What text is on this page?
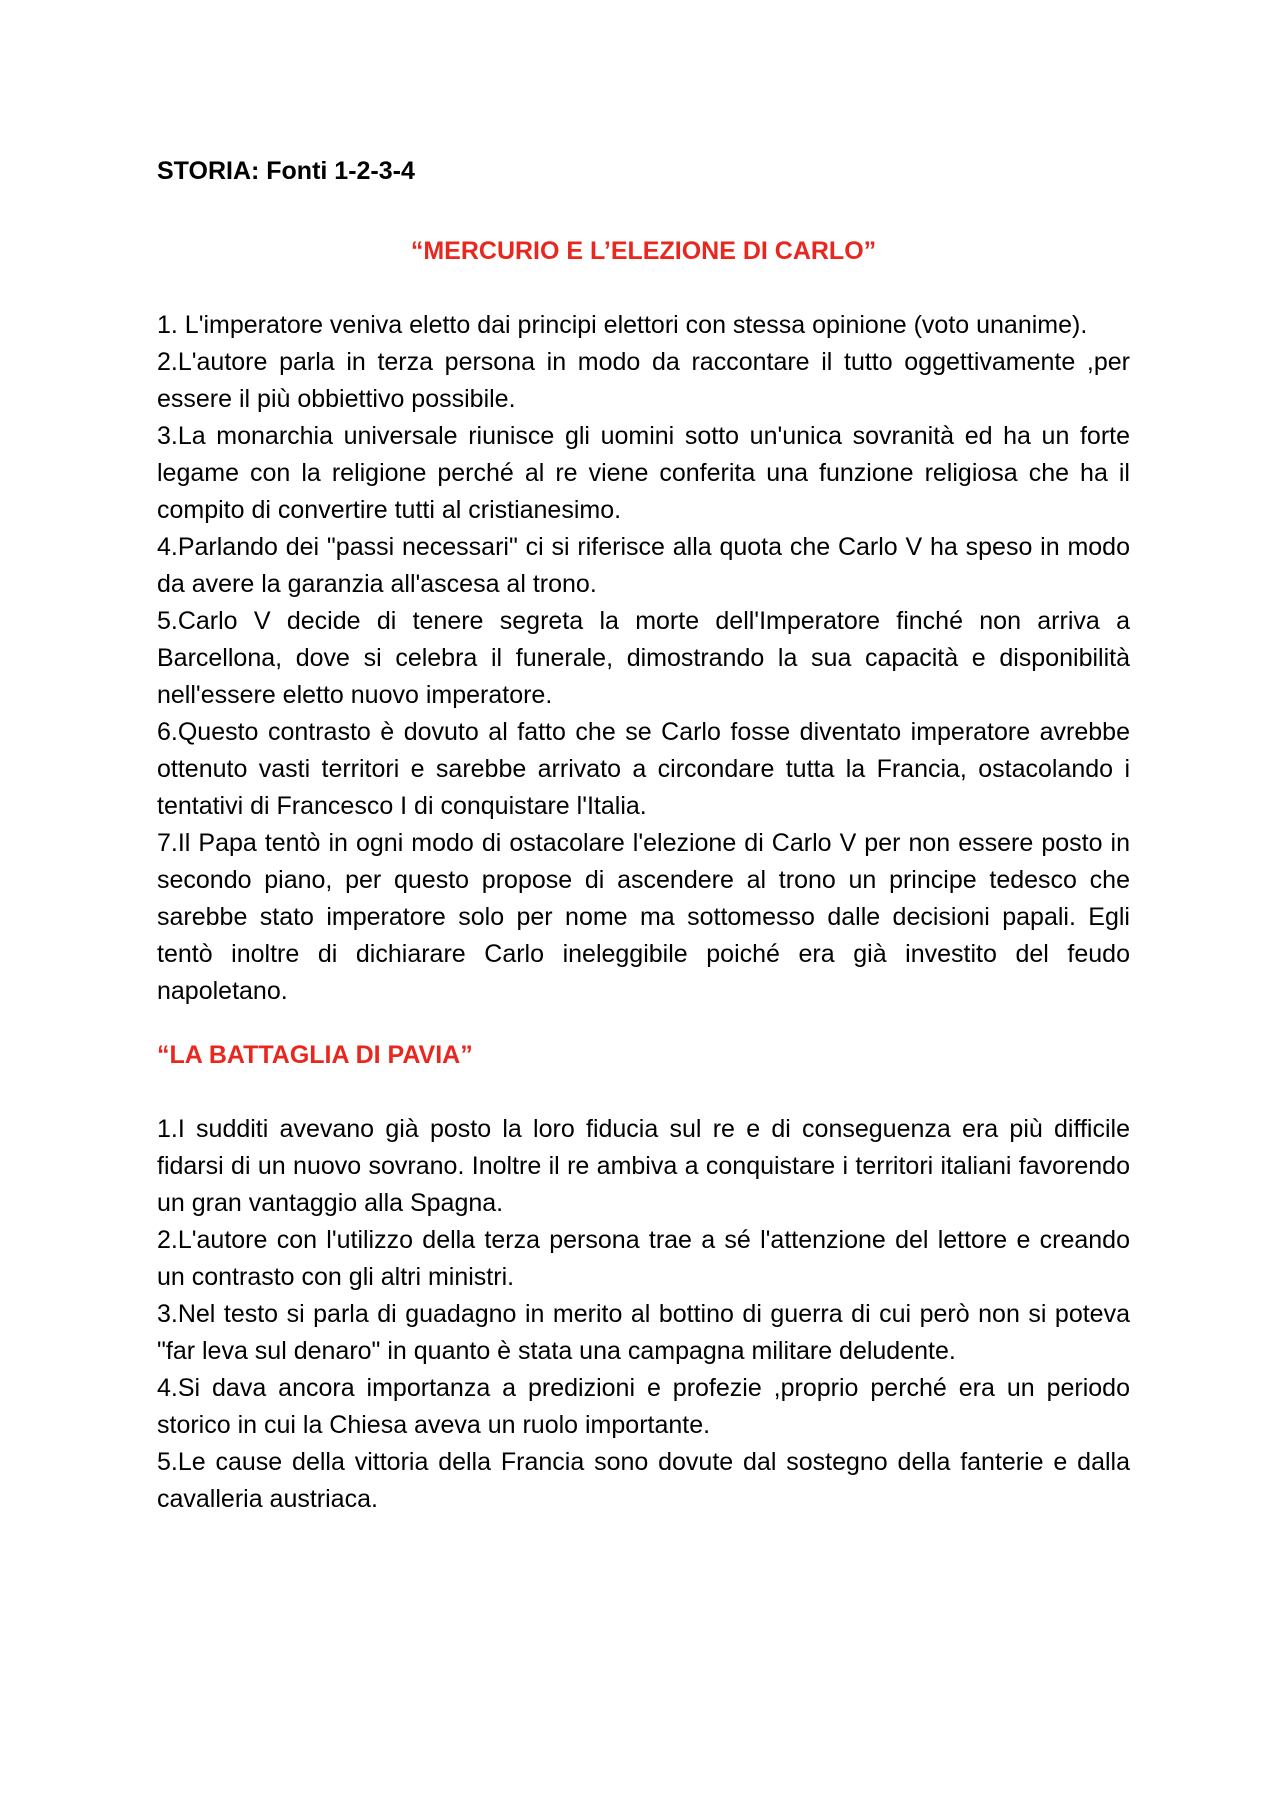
STORIA: Fonti 1-2-3-4
“MERCURIO E L’ELEZIONE DI CARLO”
1. L'imperatore veniva eletto dai principi elettori con stessa opinione (voto unanime).
2.L'autore parla in terza persona in modo da raccontare il tutto oggettivamente ,per essere il più obbiettivo possibile.
3.La monarchia universale riunisce gli uomini sotto un'unica sovranità ed ha un forte legame con la religione perché al re viene conferita una funzione religiosa che ha il compito di convertire tutti al cristianesimo.
4.Parlando dei "passi necessari" ci si riferisce alla quota che Carlo V ha speso in modo da avere la garanzia all'ascesa al trono.
5.Carlo V decide di tenere segreta la morte dell'Imperatore finché non arriva a Barcellona, dove si celebra il funerale, dimostrando la sua capacità e disponibilità nell'essere eletto nuovo imperatore.
6.Questo contrasto è dovuto al fatto che se Carlo fosse diventato imperatore avrebbe ottenuto vasti territori e sarebbe arrivato a circondare tutta la Francia, ostacolando i tentativi di Francesco I di conquistare l'Italia.
7.Il Papa tentò in ogni modo di ostacolare l'elezione di Carlo V per non essere posto in secondo piano, per questo propose di ascendere al trono un principe tedesco che sarebbe stato imperatore solo per nome ma sottomesso dalle decisioni papali. Egli tentò inoltre di dichiarare Carlo ineleggibile poiché era già investito del feudo napoletano.
“LA BATTAGLIA DI PAVIA”
1.I sudditi avevano già posto la loro fiducia sul re e di conseguenza era più difficile fidarsi di un nuovo sovrano. Inoltre il re ambiva a conquistare i territori italiani favorendo un gran vantaggio alla Spagna.
2.L'autore con l'utilizzo della terza persona trae a sé l'attenzione del lettore e creando un contrasto con gli altri ministri.
3.Nel testo si parla di guadagno in merito al bottino di guerra di cui però non si poteva "far leva sul denaro" in quanto è stata una campagna militare deludente.
4.Si dava ancora importanza a predizioni e profezie ,proprio perché era un periodo storico in cui la Chiesa aveva un ruolo importante.
5.Le cause della vittoria della Francia sono dovute dal sostegno della fanterie e dalla cavalleria austriaca.
